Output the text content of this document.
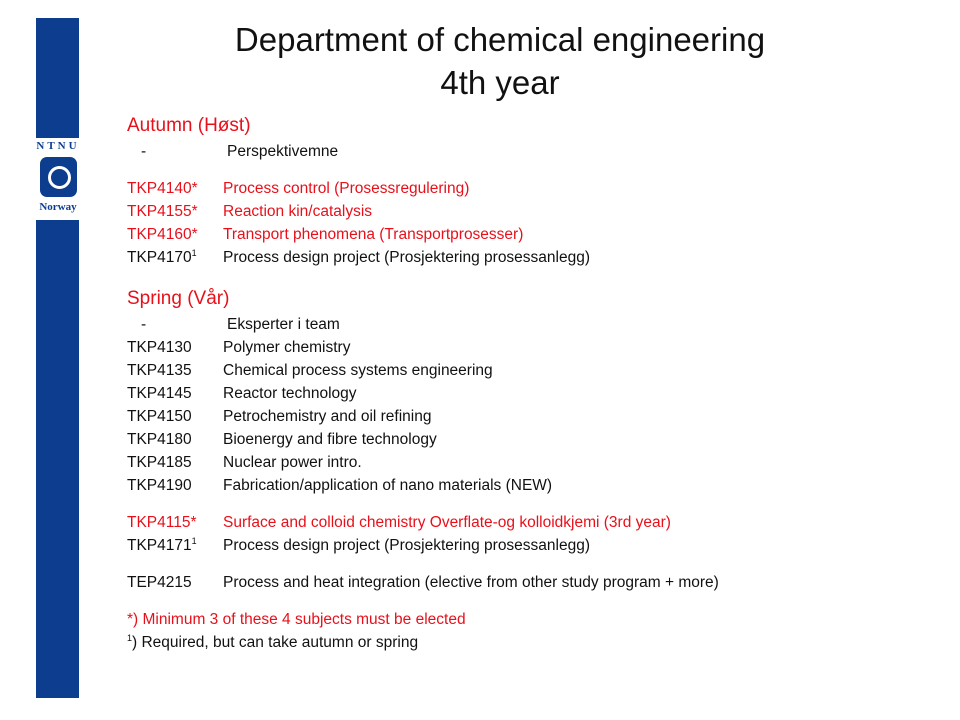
NTNU
Norway
Department of chemical engineering
4th year
Autumn (Høst)
-	Perspektivemne
TKP4140* Process control (Prosessregulering)
TKP4155* Reaction kin/catalysis
TKP4160* Transport phenomena (Transportprosesser)
TKP4170$^1$ Process design project (Prosjektering prosessanlegg)
Spring (Vår)
-	Eksperter i team
TKP4130 Polymer chemistry
TKP4135 Chemical process systems engineering
TKP4145 Reactor technology
TKP4150 Petrochemistry and oil refining
TKP4180 Bioenergy and fibre technology
TKP4185 Nuclear power intro.
TKP4190 Fabrication/application of nano materials (NEW)
TKP4115* Surface and colloid chemistry Overflate-og kolloidkjemi (3rd year)
TKP4171$^1$ Process design project (Prosjektering prosessanlegg)
TEP4215 Process and heat integration (elective from other study program + more)
*) Minimum 3 of these 4 subjects must be elected
$^1$) Required, but can take autumn or spring
